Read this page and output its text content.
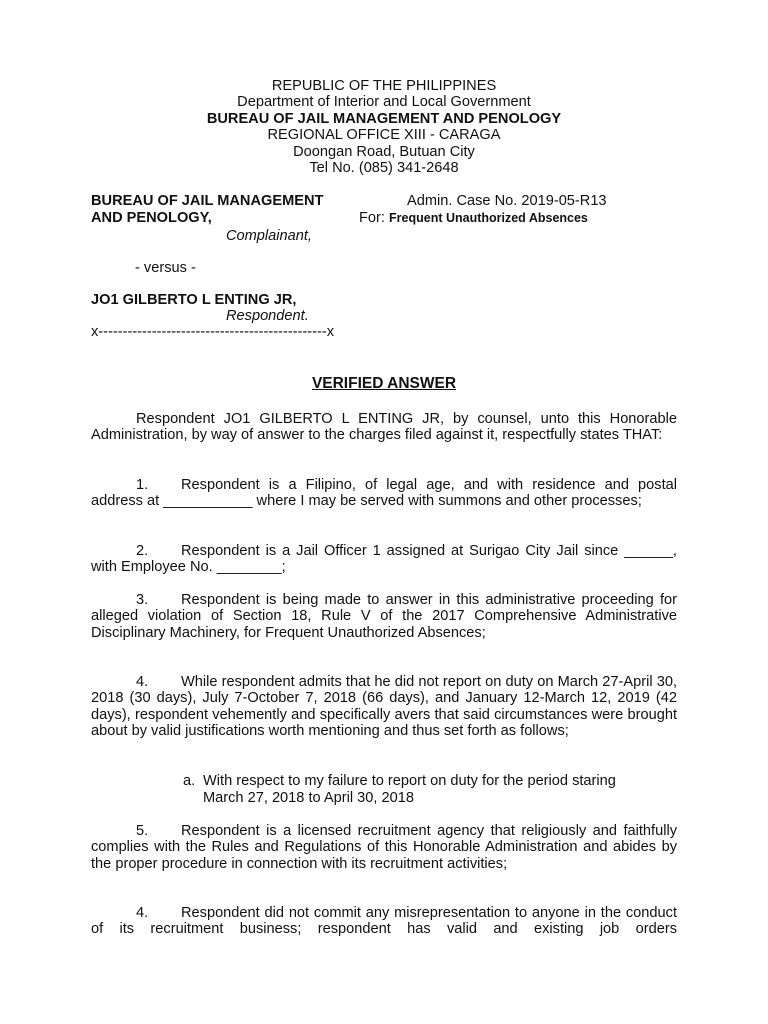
REPUBLIC OF THE PHILIPPINES
Department of Interior and Local Government
BUREAU OF JAIL MANAGEMENT AND PENOLOGY
REGIONAL OFFICE XIII - CARAGA
Doongan Road, Butuan City
Tel No. (085) 341-2648
BUREAU OF JAIL MANAGEMENT
AND PENOLOGY,
Complainant,
Admin. Case No. 2019-05-R13
For: Frequent Unauthorized Absences
- versus -
JO1 GILBERTO L ENTING JR,
Respondent.
x-----------------------------------------------x
VERIFIED ANSWER
Respondent JO1 GILBERTO L ENTING JR, by counsel, unto this Honorable Administration, by way of answer to the charges filed against it, respectfully states THAT:
1. Respondent is a Filipino, of legal age, and with residence and postal address at ___________ where I may be served with summons and other processes;
2. Respondent is a Jail Officer 1 assigned at Surigao City Jail since ______, with Employee No. ________;
3. Respondent is being made to answer in this administrative proceeding for alleged violation of Section 18, Rule V of the 2017 Comprehensive Administrative Disciplinary Machinery, for Frequent Unauthorized Absences;
4. While respondent admits that he did not report on duty on March 27-April 30, 2018 (30 days), July 7-October 7, 2018 (66 days), and January 12-March 12, 2019 (42 days), respondent vehemently and specifically avers that said circumstances were brought about by valid justifications worth mentioning and thus set forth as follows;
a. With respect to my failure to report on duty for the period staring
March 27, 2018 to April 30, 2018
5. Respondent is a licensed recruitment agency that religiously and faithfully complies with the Rules and Regulations of this Honorable Administration and abides by the proper procedure in connection with its recruitment activities;
4. Respondent did not commit any misrepresentation to anyone in the conduct of its recruitment business; respondent has valid and existing job orders
